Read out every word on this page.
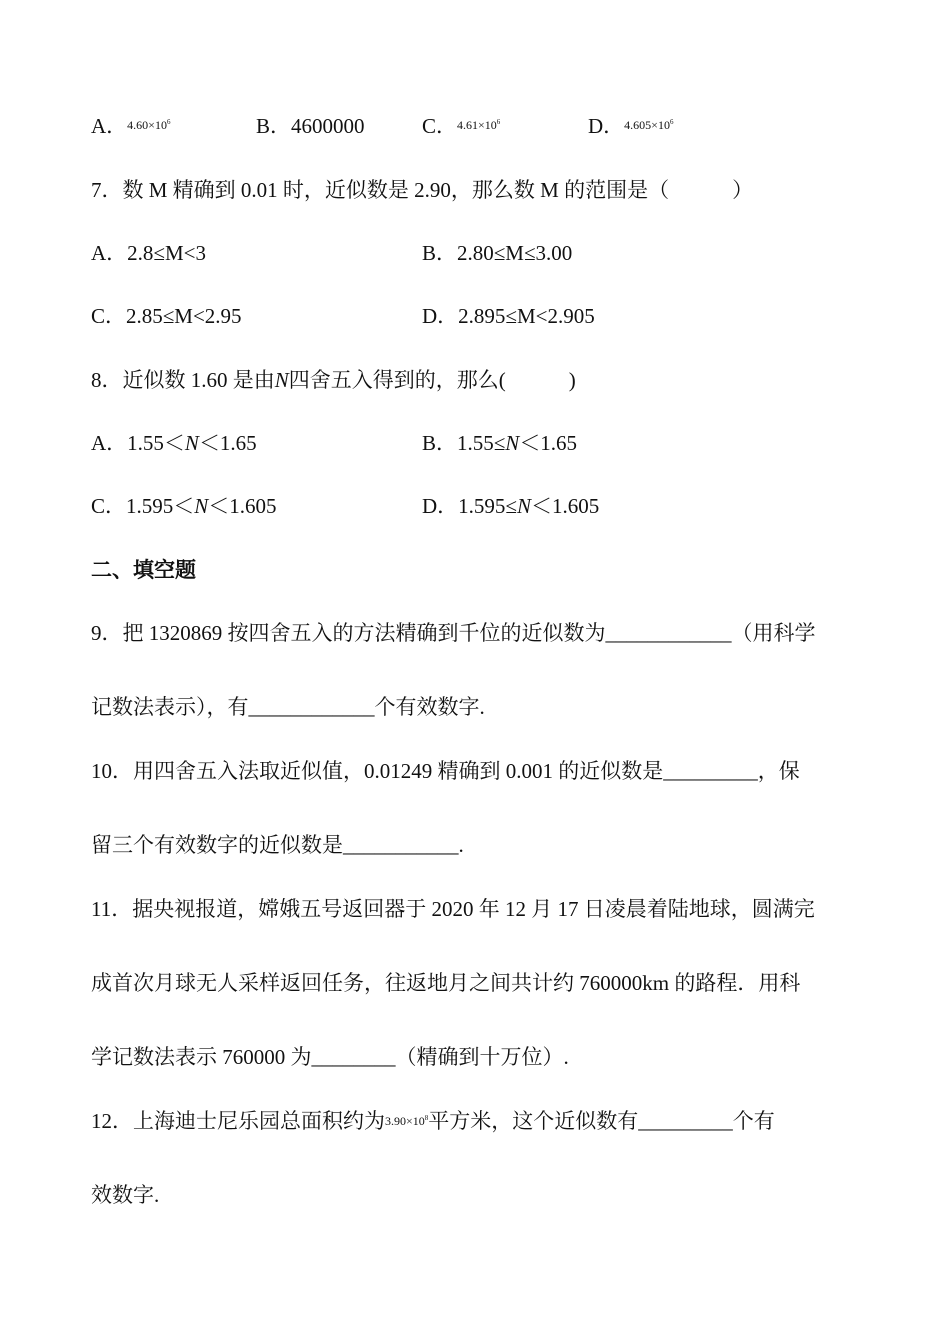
A．$4.60\times 10^6$	B．4600000	C．$4.61\times 10^6$	D．$4.605\times 10^6$
7．数 M 精确到 0.01 时，近似数是 2.90，那么数 M 的范围是（　　　）
A．2.8≤M<3	B．2.80≤M≤3.00
C．2.85≤M<2.95	D．2.895≤M<2.905
8．近似数 1.60 是由N四舍五入得到的，那么(　　　)
A．1.55＜N＜1.65	B．1.55≤N＜1.65
C．1.595＜N＜1.605	D．1.595≤N＜1.605
二、填空题
9．把 1320869 按四舍五入的方法精确到千位的近似数为____________（用科学
记数法表示），有____________个有效数字.
10．用四舍五入法取近似值，0.01249 精确到 0.001 的近似数是_________，保
留三个有效数字的近似数是___________.
11．据央视报道，嫦娥五号返回器于 2020 年 12 月 17 日凌晨着陆地球，圆满完
成首次月球无人采样返回任务，往返地月之间共计约 760000km 的路程．用科
学记数法表示 760000 为________（精确到十万位）.
12．上海迪士尼乐园总面积约为$3.90\times 10^8$平方米，这个近似数有_________个有
效数字.
